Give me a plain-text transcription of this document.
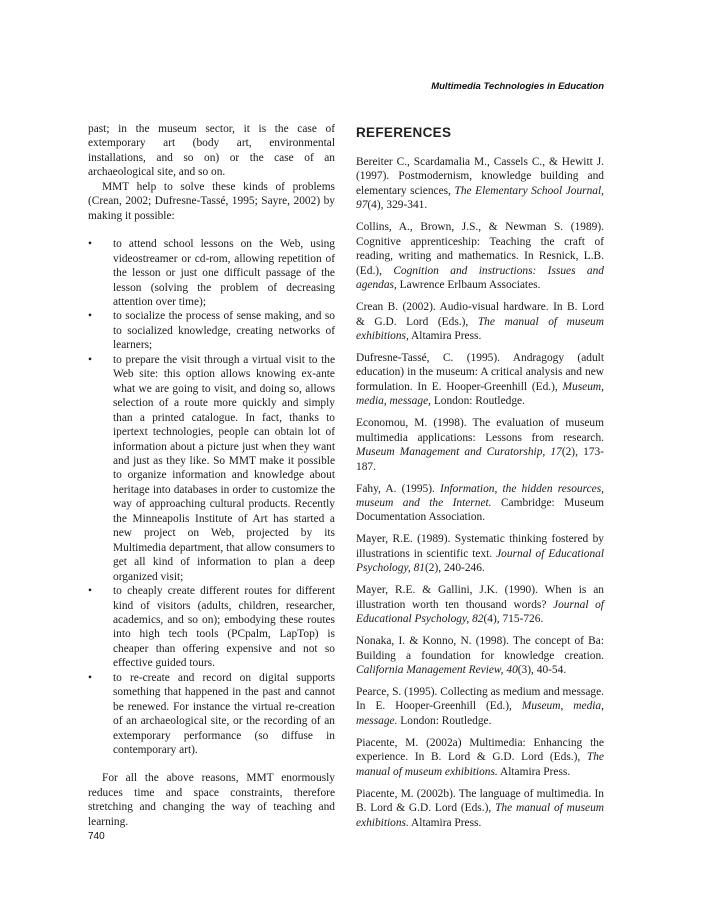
Multimedia Technologies in Education

past; in the museum sector, it is the case of extemporary art (body art, environmental installations, and so on) or the case of an archaeological site, and so on.

MMT help to solve these kinds of problems (Crean, 2002; Dufresne-Tassé, 1995; Sayre, 2002) by making it possible:

• to attend school lessons on the Web, using videostreamer or cd-rom, allowing repetition of the lesson or just one difficult passage of the lesson (solving the problem of decreasing attention over time);
• to socialize the process of sense making, and so to socialized knowledge, creating networks of learners;
• to prepare the visit through a virtual visit to the Web site: this option allows knowing ex-ante what we are going to visit, and doing so, allows selection of a route more quickly and simply than a printed catalogue. In fact, thanks to ipertext technologies, people can obtain lot of information about a picture just when they want and just as they like. So MMT make it possible to organize information and knowledge about heritage into databases in order to customize the way of approaching cultural products. Recently the Minneapolis Institute of Art has started a new project on Web, projected by its Multimedia department, that allow consumers to get all kind of information to plan a deep organized visit;
• to cheaply create different routes for different kind of visitors (adults, children, researcher, academics, and so on); embodying these routes into high tech tools (PCpalm, LapTop) is cheaper than offering expensive and not so effective guided tours.
• to re-create and record on digital supports something that happened in the past and cannot be renewed. For instance the virtual re-creation of an archaeological site, or the recording of an extemporary performance (so diffuse in contemporary art).

For all the above reasons, MMT enormously reduces time and space constraints, therefore stretching and changing the way of teaching and learning.

REFERENCES

Bereiter C., Scardamalia M., Cassels C., & Hewitt J. (1997). Postmodernism, knowledge building and elementary sciences, The Elementary School Journal, 97(4), 329-341.

Collins, A., Brown, J.S., & Newman S. (1989). Cognitive apprenticeship: Teaching the craft of reading, writing and mathematics. In Resnick, L.B. (Ed.), Cognition and instructions: Issues and agendas, Lawrence Erlbaum Associates.

Crean B. (2002). Audio-visual hardware. In B. Lord & G.D. Lord (Eds.), The manual of museum exhibitions, Altamira Press.

Dufresne-Tassé, C. (1995). Andragogy (adult education) in the museum: A critical analysis and new formulation. In E. Hooper-Greenhill (Ed.), Museum, media, message, London: Routledge.

Economou, M. (1998). The evaluation of museum multimedia applications: Lessons from research. Museum Management and Curatorship, 17(2), 173-187.

Fahy, A. (1995). Information, the hidden resources, museum and the Internet. Cambridge: Museum Documentation Association.

Mayer, R.E. (1989). Systematic thinking fostered by illustrations in scientific text. Journal of Educational Psychology, 81(2), 240-246.

Mayer, R.E. & Gallini, J.K. (1990). When is an illustration worth ten thousand words? Journal of Educational Psychology, 82(4), 715-726.

Nonaka, I. & Konno, N. (1998). The concept of Ba: Building a foundation for knowledge creation. California Management Review, 40(3), 40-54.

Pearce, S. (1995). Collecting as medium and message. In E. Hooper-Greenhill (Ed.), Museum, media, message. London: Routledge.

Piacente, M. (2002a) Multimedia: Enhancing the experience. In B. Lord & G.D. Lord (Eds.), The manual of museum exhibitions. Altamira Press.

Piacente, M. (2002b). The language of multimedia. In B. Lord & G.D. Lord (Eds.), The manual of museum exhibitions. Altamira Press.

740
